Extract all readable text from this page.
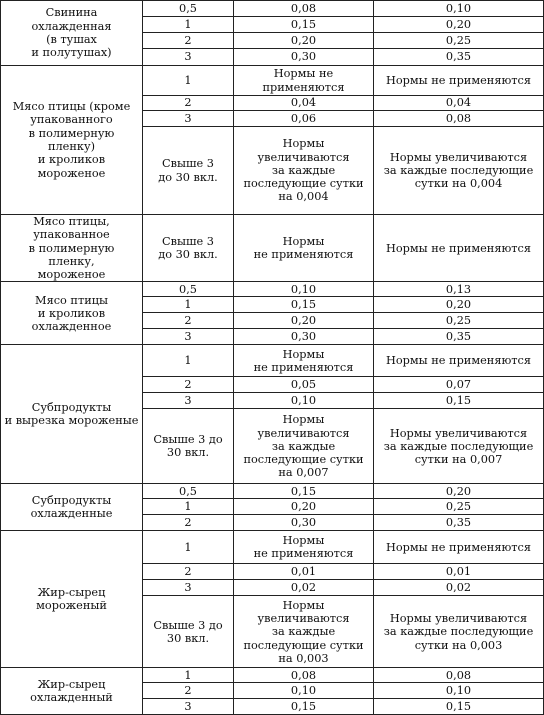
Свинина охлажденная
(в тушах
и полутушах)	0,5	0,08	0,10
	1	0,15	0,20
	2	0,20	0,25
	3	0,30	0,35
Мясо птицы (кроме
упакованного
в полимерную пленку)
и кроликов
мороженое	1	Нормы не
применяются	Нормы не применяются
	2	0,04	0,04
	3	0,06	0,08
	Свыше 3
до 30 вкл.	Нормы
увеличиваются
за каждые
последующие сутки
на 0,004	Нормы увеличиваются
за каждые последующие
сутки на 0,004
Мясо птицы,
упакованное
в полимерную пленку,
мороженое	Свыше 3
до 30 вкл.	Нормы
не применяются	Нормы не применяются
Мясо птицы
и кроликов
охлажденное	0,5	0,10	0,13
	1	0,15	0,20
	2	0,20	0,25
	3	0,30	0,35
Субпродукты
и вырезка мороженые	1	Нормы
не применяются	Нормы не применяются
	2	0,05	0,07
	3	0,10	0,15
	Свыше 3 до
30 вкл.	Нормы
увеличиваются
за каждые
последующие сутки
на 0,007	Нормы увеличиваются
за каждые последующие
сутки на 0,007
Субпродукты
охлажденные	0,5	0,15	0,20
	1	0,20	0,25
	2	0,30	0,35
Жир-сырец
мороженый	1	Нормы
не применяются	Нормы не применяются
	2	0,01	0,01
	3	0,02	0,02
	Свыше 3 до
30 вкл.	Нормы
увеличиваются
за каждые
последующие сутки
на 0,003	Нормы увеличиваются
за каждые последующие
сутки на 0,003
Жир-сырец
охлажденный	1	0,08	0,08
	2	0,10	0,10
	3	0,15	0,15
